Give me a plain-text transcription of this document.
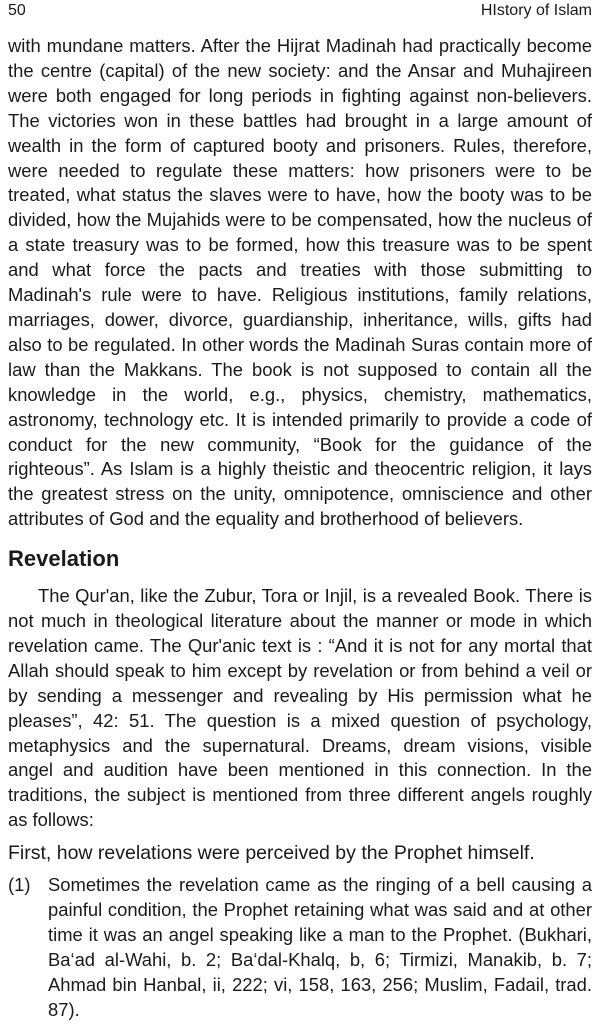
50	HIstory of Islam

with mundane matters. After the Hijrat Madinah had practically become the centre (capital) of the new society: and the Ansar and Muhajireen were both engaged for long periods in fighting against non-believers. The victories won in these battles had brought in a large amount of wealth in the form of captured booty and prisoners. Rules, therefore, were needed to regulate these matters: how prisoners were to be treated, what status the slaves were to have, how the booty was to be divided, how the Mujahids were to be compensated, how the nucleus of a state treasury was to be formed, how this treasure was to be spent and what force the pacts and treaties with those submitting to Madinah's rule were to have. Religious institutions, family relations, marriages, dower, divorce, guardianship, inheritance, wills, gifts had also to be regulated. In other words the Madinah Suras contain more of law than the Makkans. The book is not supposed to contain all the knowledge in the world, e.g., physics, chemistry, mathematics, astronomy, technology etc. It is intended primarily to provide a code of conduct for the new community, “Book for the guidance of the righteous”. As Islam is a highly theistic and theocentric religion, it lays the greatest stress on the unity, omnipotence, omniscience and other attributes of God and the equality and brotherhood of believers.

Revelation

The Qur'an, like the Zubur, Tora or Injil, is a revealed Book. There is not much in theological literature about the manner or mode in which revelation came. The Qur'anic text is : “And it is not for any mortal that Allah should speak to him except by revelation or from behind a veil or by sending a messenger and revealing by His permission what he pleases”, 42: 51. The question is a mixed question of psychology, metaphysics and the supernatural. Dreams, dream visions, visible angel and audition have been mentioned in this connection. In the traditions, the subject is mentioned from three different angels roughly as follows:

First, how revelations were perceived by the Prophet himself.
(1) Sometimes the revelation came as the ringing of a bell causing a painful condition, the Prophet retaining what was said and at other time it was an angel speaking like a man to the Prophet. (Bukhari, Ba‘ad al-Wahi, b. 2; Ba‘dal-Khalq, b, 6; Tirmizi, Manakib, b. 7; Ahmad bin Hanbal, ii, 222; vi, 158, 163, 256; Muslim, Fadail, trad. 87).
